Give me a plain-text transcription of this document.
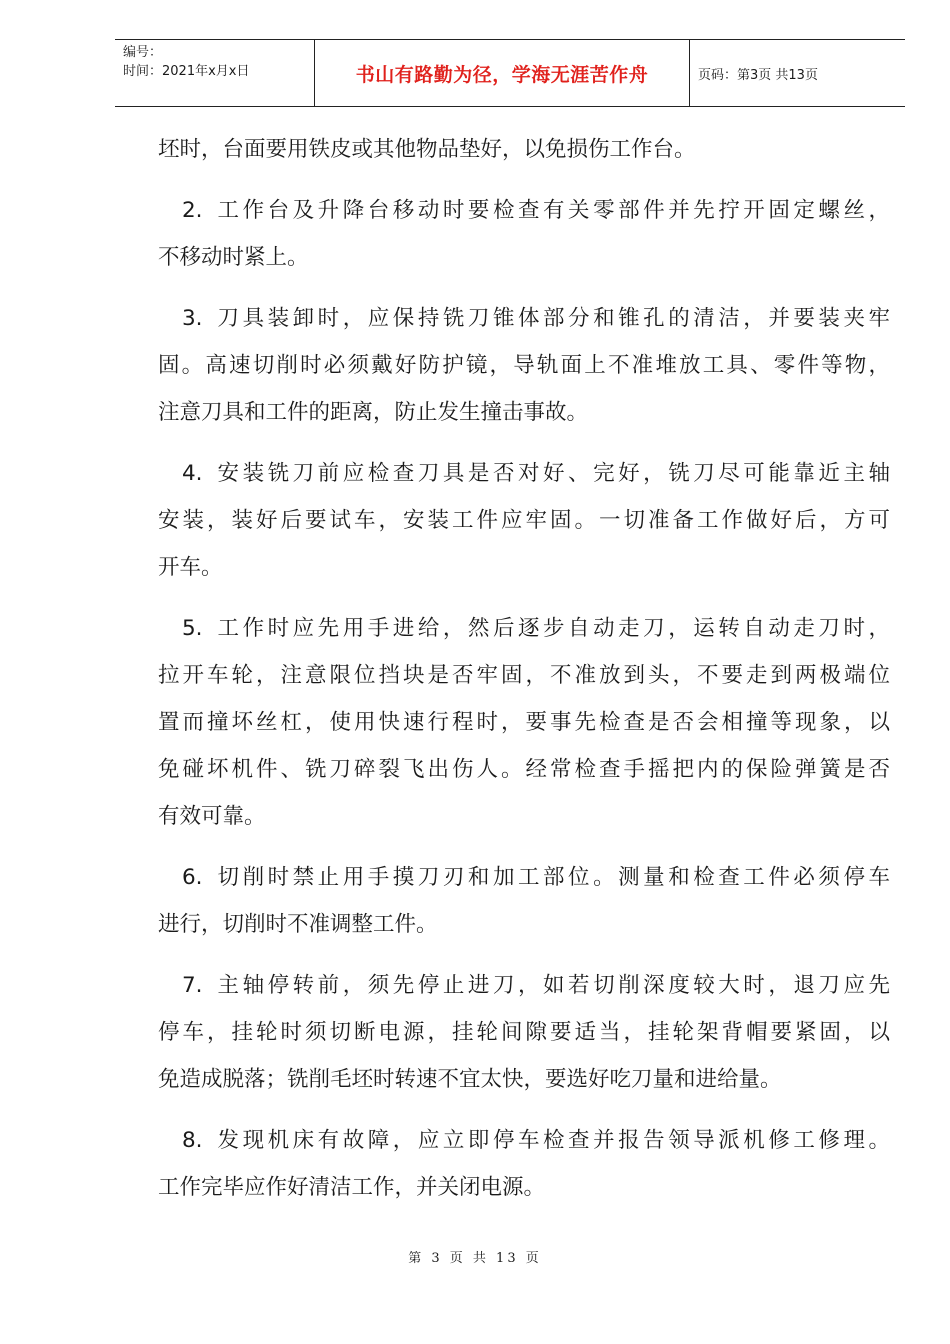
编号：
时间：2021年x月x日	书山有路勤为径，学海无涯苦作舟	页码：第3页 共13页
坯时，台面要用铁皮或其他物品垫好，以免损伤工作台。
2. 工作台及升降台移动时要检查有关零部件并先拧开固定螺丝，
不移动时紧上。
3. 刀具装卸时，应保持铣刀锥体部分和锥孔的清洁，并要装夹牢
固。高速切削时必须戴好防护镜，导轨面上不准堆放工具、零件等物，
注意刀具和工件的距离，防止发生撞击事故。
4. 安装铣刀前应检查刀具是否对好、完好，铣刀尽可能靠近主轴
安装，装好后要试车，安装工件应牢固。一切准备工作做好后，方可
开车。
5. 工作时应先用手进给，然后逐步自动走刀，运转自动走刀时，
拉开车轮，注意限位挡块是否牢固，不准放到头，不要走到两极端位
置而撞坏丝杠，使用快速行程时，要事先检查是否会相撞等现象，以
免碰坏机件、铣刀碎裂飞出伤人。经常检查手摇把内的保险弹簧是否
有效可靠。
6. 切削时禁止用手摸刀刃和加工部位。测量和检查工件必须停车
进行，切削时不准调整工件。
7. 主轴停转前，须先停止进刀，如若切削深度较大时，退刀应先
停车，挂轮时须切断电源，挂轮间隙要适当，挂轮架背帽要紧固，以
免造成脱落；铣削毛坯时转速不宜太快，要选好吃刀量和进给量。
8. 发现机床有故障，应立即停车检查并报告领导派机修工修理。
工作完毕应作好清洁工作，并关闭电源。
第 3 页 共 13 页
